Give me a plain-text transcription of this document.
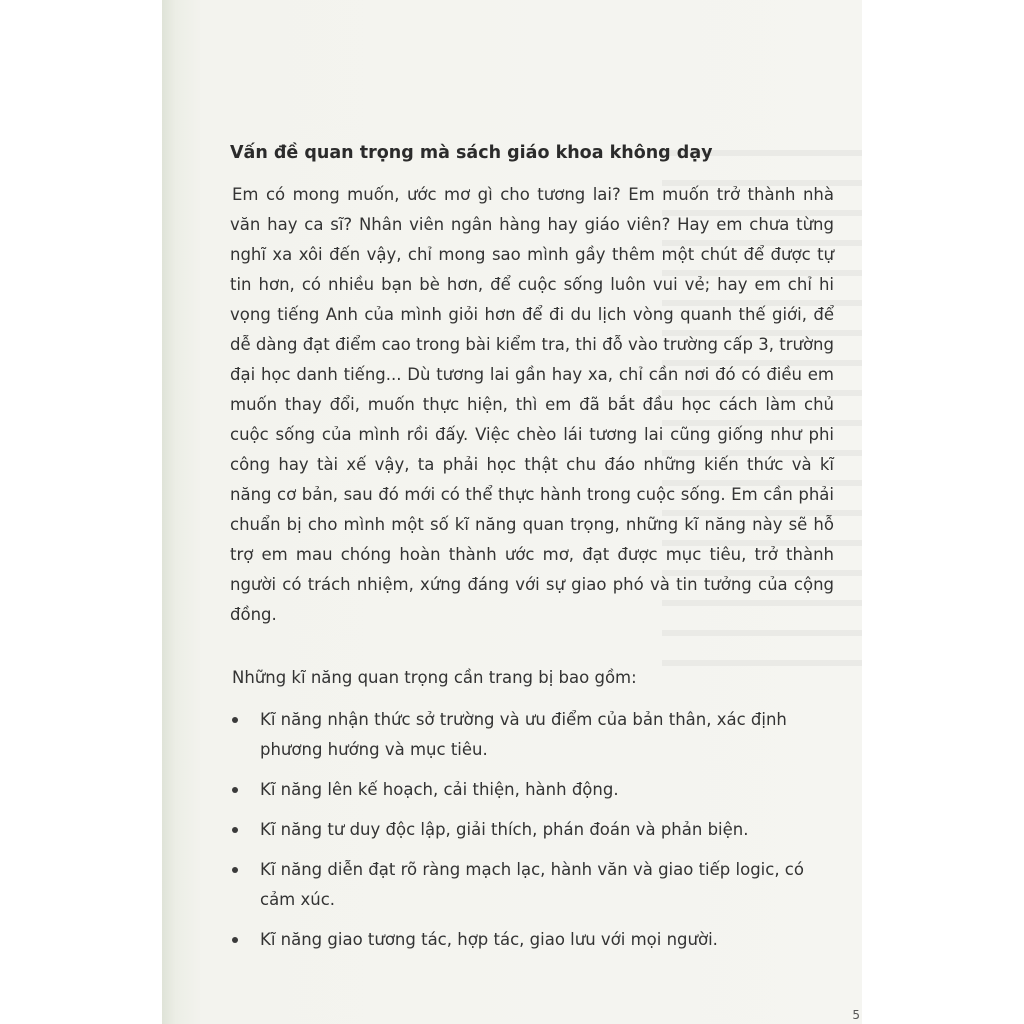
Vấn đề quan trọng mà sách giáo khoa không dạy
Em có mong muốn, ước mơ gì cho tương lai? Em muốn trở thành nhà văn hay ca sĩ? Nhân viên ngân hàng hay giáo viên? Hay em chưa từng nghĩ xa xôi đến vậy, chỉ mong sao mình gầy thêm một chút để được tự tin hơn, có nhiều bạn bè hơn, để cuộc sống luôn vui vẻ; hay em chỉ hi vọng tiếng Anh của mình giỏi hơn để đi du lịch vòng quanh thế giới, để dễ dàng đạt điểm cao trong bài kiểm tra, thi đỗ vào trường cấp 3, trường đại học danh tiếng... Dù tương lai gần hay xa, chỉ cần nơi đó có điều em muốn thay đổi, muốn thực hiện, thì em đã bắt đầu học cách làm chủ cuộc sống của mình rồi đấy. Việc chèo lái tương lai cũng giống như phi công hay tài xế vậy, ta phải học thật chu đáo những kiến thức và kĩ năng cơ bản, sau đó mới có thể thực hành trong cuộc sống. Em cần phải chuẩn bị cho mình một số kĩ năng quan trọng, những kĩ năng này sẽ hỗ trợ em mau chóng hoàn thành ước mơ, đạt được mục tiêu, trở thành người có trách nhiệm, xứng đáng với sự giao phó và tin tưởng của cộng đồng.
Những kĩ năng quan trọng cần trang bị bao gồm:
Kĩ năng nhận thức sở trường và ưu điểm của bản thân, xác định phương hướng và mục tiêu.
Kĩ năng lên kế hoạch, cải thiện, hành động.
Kĩ năng tư duy độc lập, giải thích, phán đoán và phản biện.
Kĩ năng diễn đạt rõ ràng mạch lạc, hành văn và giao tiếp logic, có cảm xúc.
Kĩ năng giao tương tác, hợp tác, giao lưu với mọi người.
5
